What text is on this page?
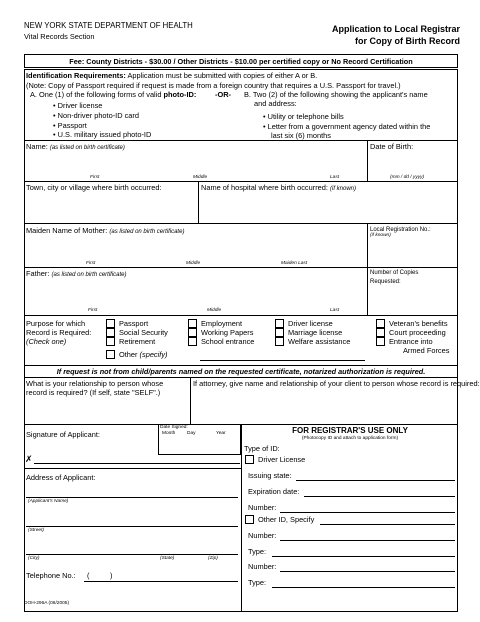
NEW YORK STATE DEPARTMENT OF HEALTH
Vital Records Section
Application to Local Registrar
for Copy of Birth Record
Fee: County Districts - $30.00 / Other Districts - $10.00 per certified copy or No Record Certification
Identification Requirements: Application must be submitted with copies of either A or B.
(Note: Copy of Passport required if request is made from a foreign country that requires a U.S. Passport for travel.)
A. One (1) of the following forms of valid photo-ID:	-OR-
• Driver license
• Non-driver photo-ID card
• Passport
• U.S. military issued photo-ID
B. Two (2) of the following showing the applicant's name
and address:
• Utility or telephone bills
• Letter from a government agency dated within the
last six (6) months
Name: (as listed on birth certificate)	Date of Birth:
First	Middle	Last	(mm / dd / yyyy)
Town, city or village where birth occurred:	Name of hospital where birth occurred: (if known)
Maiden Name of Mother: (as listed on birth certificate)	Local Registration No.:
(if known)
First	Middle	Maiden Last
Father: (as listed on birth certificate)	Number of Copies
Requested:
First	Middle	Last
Purpose for which
Record is Required:
(Check one)
Passport
Social Security
Retirement
Other (specify)
Employment
Working Papers
School entrance
Driver license
Marriage license
Welfare assistance
Veteran's benefits
Court proceeding
Entrance into
Armed Forces
If request is not from child/parents named on the requested certificate, notarized authorization is required.
What is your relationship to person whose
record is required? (If self, state "SELF".)
If attorney, give name and relationship of your client to person whose record is required:
Signature of Applicant:
Date Signed:
Month Day	Year
✗
Address of Applicant:
(Applicant's Name)
(Street)
(City)	(State)	(Zip)
Telephone No.: (	)
FOR REGISTRAR'S USE ONLY
(Photocopy ID and attach to application form)
Type of ID:
Driver License
Issuing state:
Expiration date:
Number:
Other ID, Specify
Number:
Type:
Number:
Type:
DOH-296A (06/2005)
